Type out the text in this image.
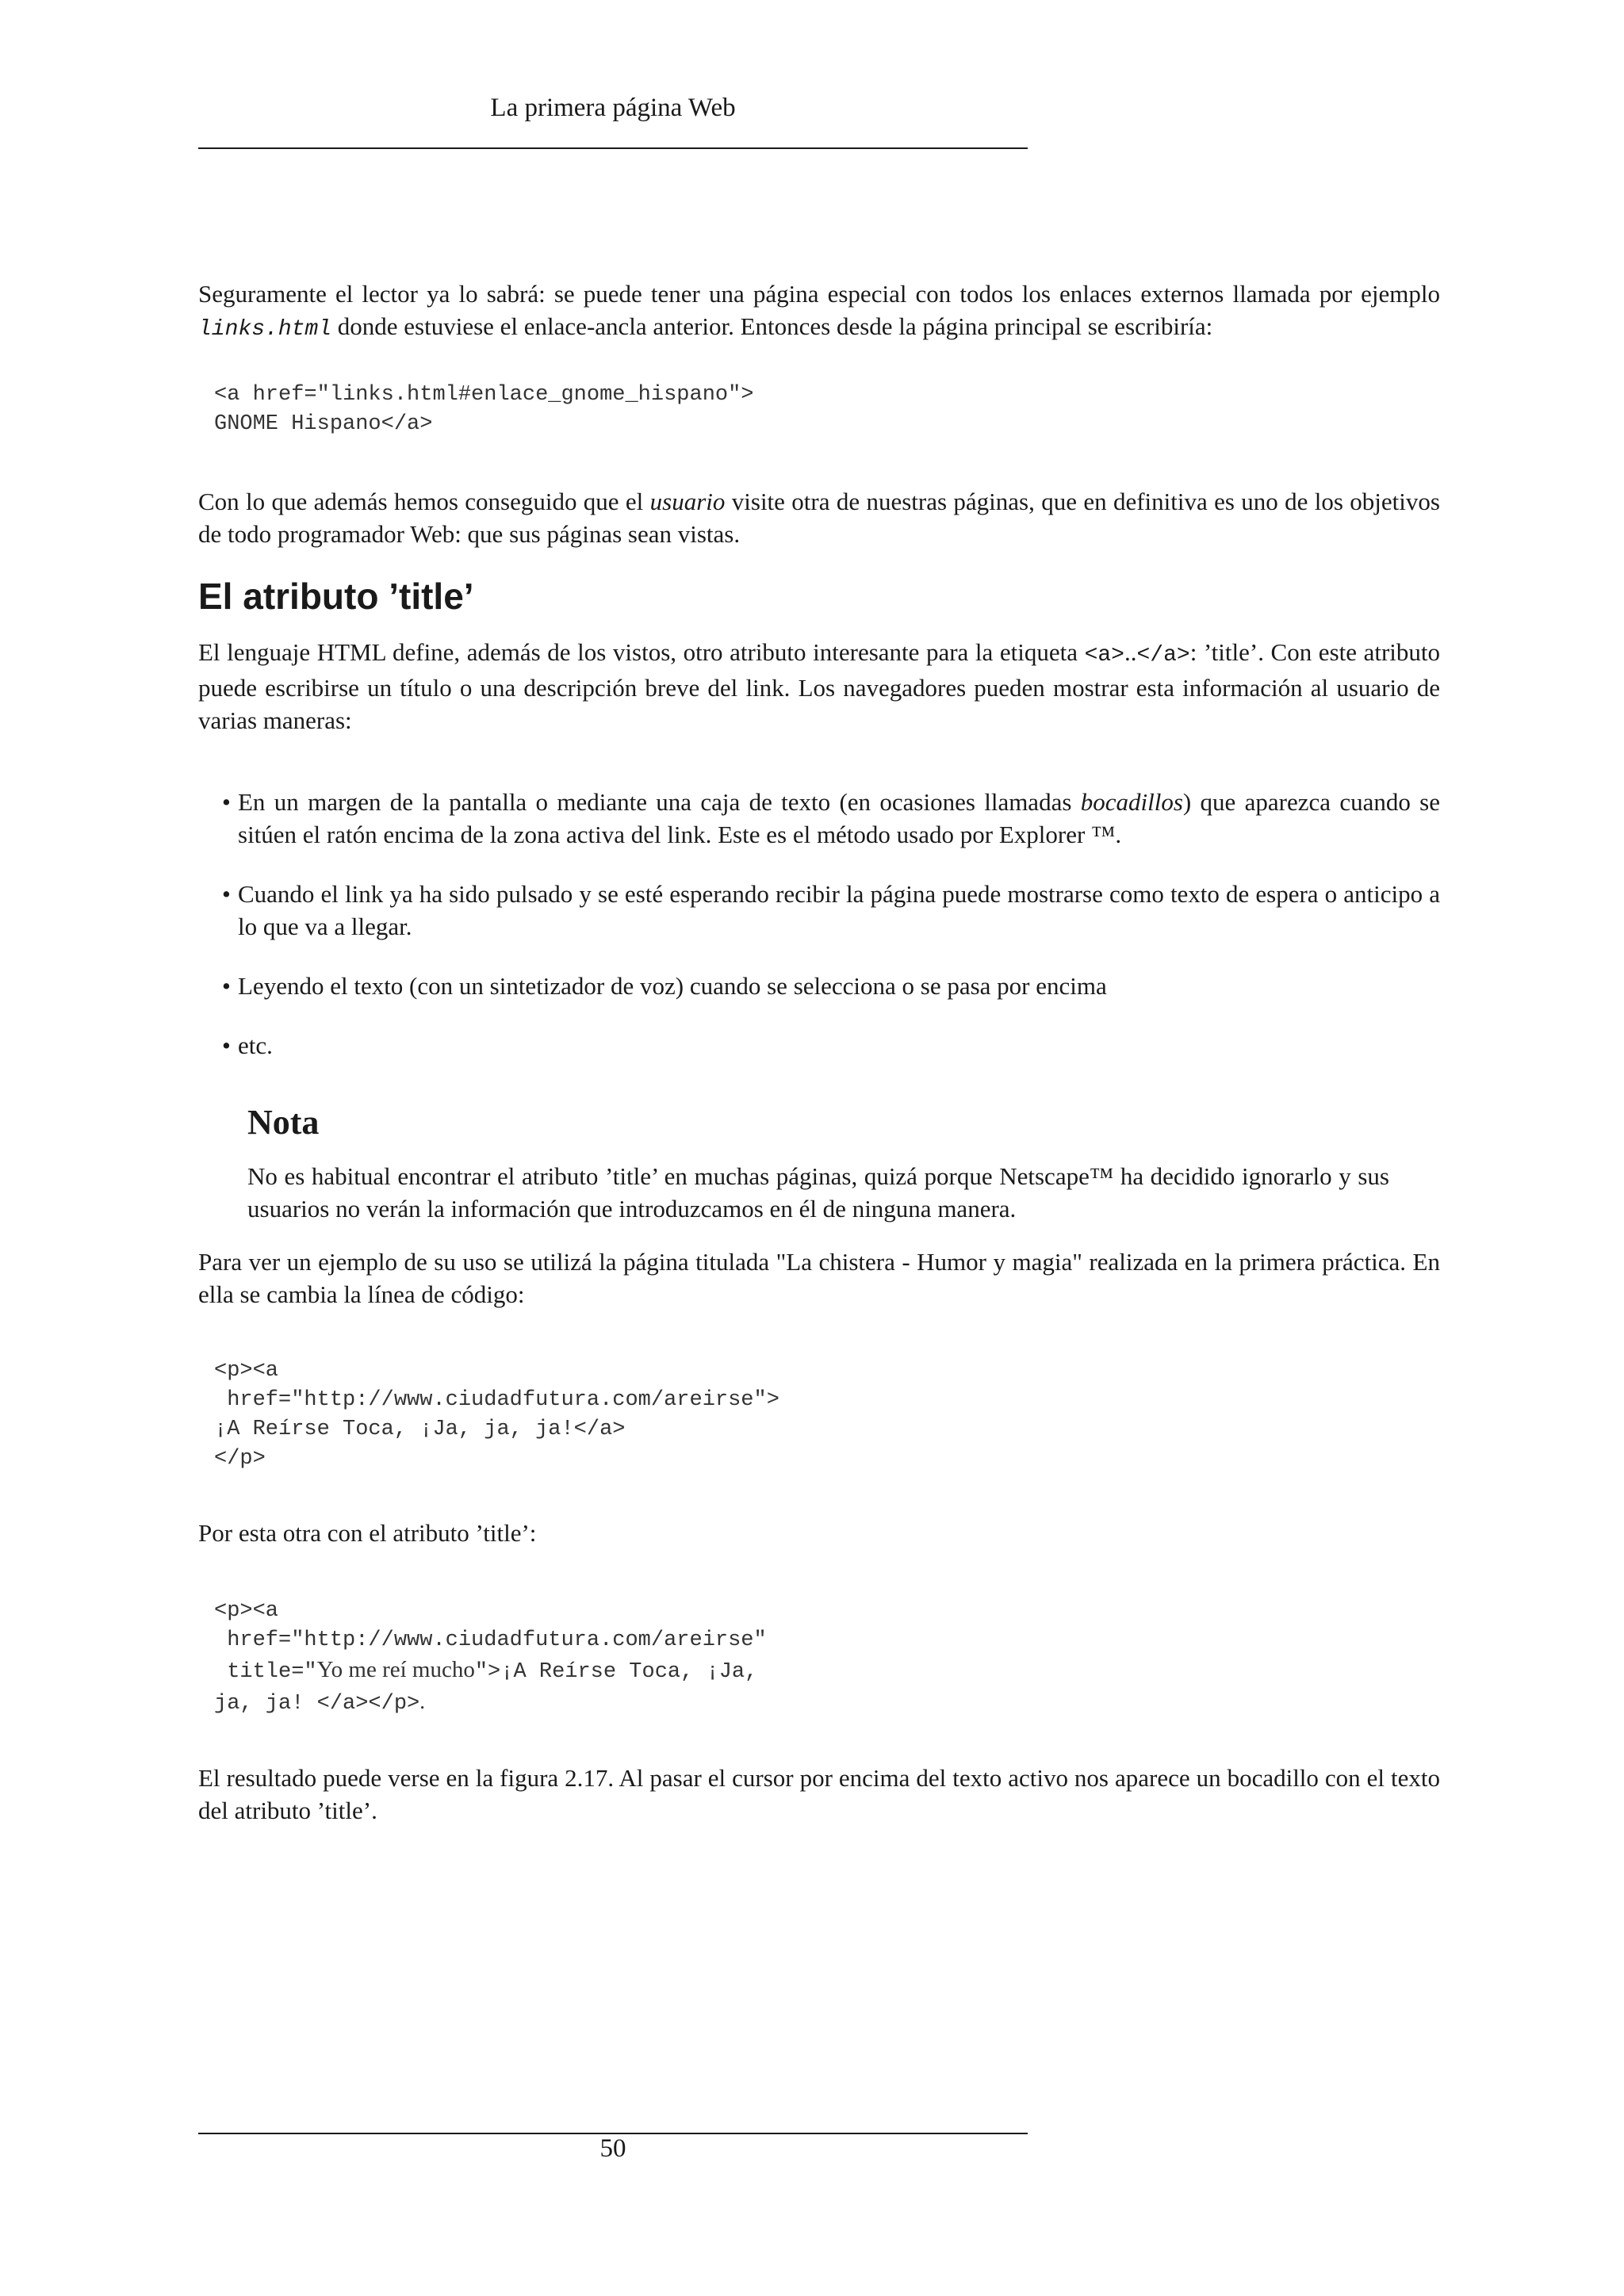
La primera página Web

Seguramente el lector ya lo sabrá: se puede tener una página especial con todos los enlaces externos llamada por ejemplo links.html donde estuviese el enlace-ancla anterior. Entonces desde la página principal se escribiría:

<a href="links.html#enlace_gnome_hispano">
GNOME Hispano</a>

Con lo que además hemos conseguido que el usuario visite otra de nuestras páginas, que en definitiva es uno de los objetivos de todo programador Web: que sus páginas sean vistas.

El atributo ’title’

El lenguaje HTML define, además de los vistos, otro atributo interesante para la etiqueta <a>..</a>: ’title’. Con este atributo puede escribirse un título o una descripción breve del link. Los navegadores pueden mostrar esta información al usuario de varias maneras:

• En un margen de la pantalla o mediante una caja de texto (en ocasiones llamadas bocadillos) que aparezca cuando se sitúen el ratón encima de la zona activa del link. Este es el método usado por Explorer ™.
• Cuando el link ya ha sido pulsado y se esté esperando recibir la página puede mostrarse como texto de espera o anticipo a lo que va a llegar.
• Leyendo el texto (con un sintetizador de voz) cuando se selecciona o se pasa por encima
• etc.
Nota

No es habitual encontrar el atributo ’title’ en muchas páginas, quizá porque Netscape™ ha decidido ignorarlo y sus usuarios no verán la información que introduzcamos en él de ninguna manera.

Para ver un ejemplo de su uso se utilizá la página titulada "La chistera - Humor y magia" realizada en la primera práctica. En ella se cambia la línea de código:

<p><a
href="http://www.ciudadfutura.com/areirse">
¡A Reírse Toca, ¡Ja, ja, ja!</a>
</p>

Por esta otra con el atributo ’title’:

<p><a
href="http://www.ciudadfutura.com/areirse"
title="Yo me reí mucho">¡A Reírse Toca, ¡Ja,
ja, ja! </a></p>.

El resultado puede verse en la figura 2.17. Al pasar el cursor por encima del texto activo nos aparece un bocadillo con el texto del atributo ’title’.

50
